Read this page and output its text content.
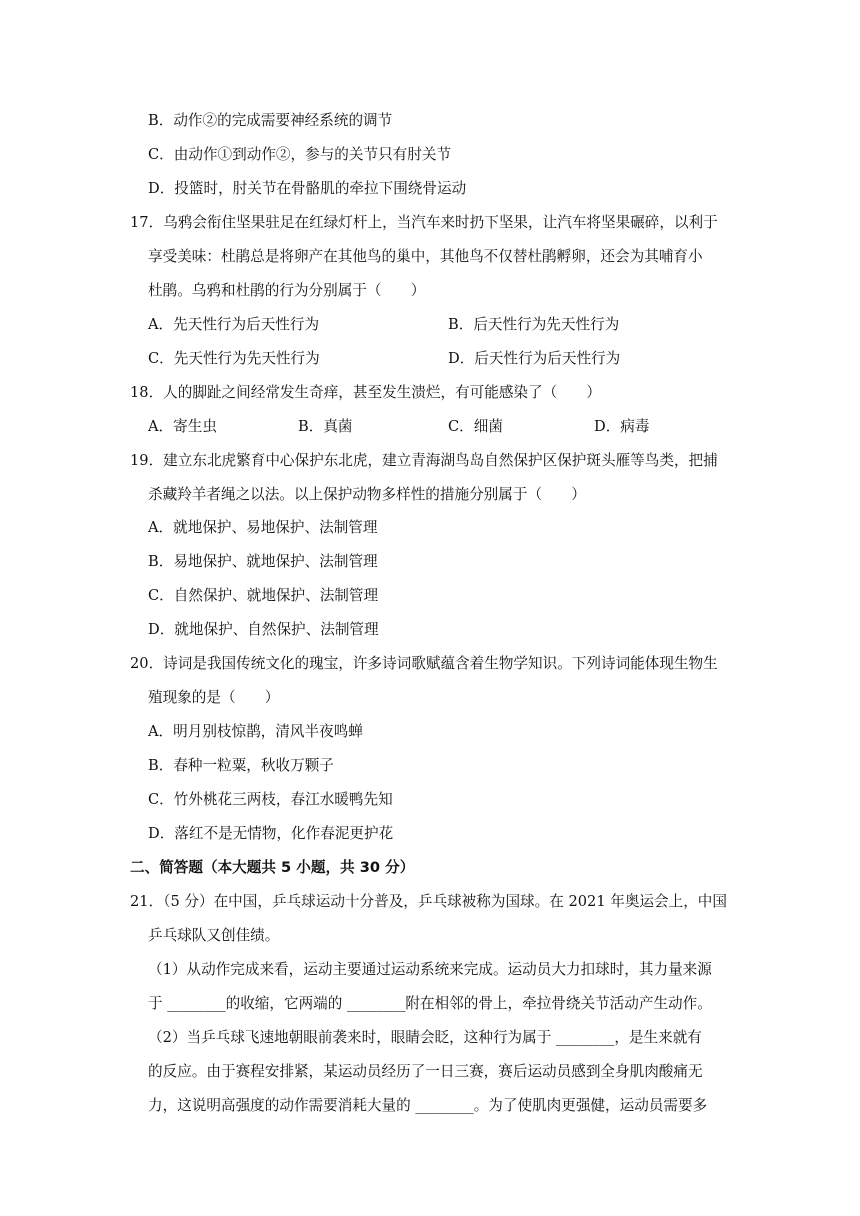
B．动作②的完成需要神经系统的调节
C．由动作①到动作②，参与的关节只有肘关节
D．投篮时，肘关节在骨骼肌的牵拉下围绕骨运动
17．乌鸦会衔住坚果驻足在红绿灯杆上，当汽车来时扔下坚果，让汽车将坚果碾碎，以利于
享受美味：杜鹃总是将卵产在其他鸟的巢中，其他鸟不仅替杜鹃孵卵，还会为其哺育小
杜鹃。乌鸦和杜鹃的行为分别属于（　　）
A．先天性行为后天性行为	B．后天性行为先天性行为
C．先天性行为先天性行为	D．后天性行为后天性行为
18．人的脚趾之间经常发生奇痒，甚至发生溃烂，有可能感染了（　　）
A．寄生虫	B．真菌	C．细菌	D．病毒
19．建立东北虎繁育中心保护东北虎，建立青海湖鸟岛自然保护区保护斑头雁等鸟类，把捕
杀藏羚羊者绳之以法。以上保护动物多样性的措施分别属于（　　）
A．就地保护、易地保护、法制管理
B．易地保护、就地保护、法制管理
C．自然保护、就地保护、法制管理
D．就地保护、自然保护、法制管理
20．诗词是我国传统文化的瑰宝，许多诗词歌赋蕴含着生物学知识。下列诗词能体现生物生
殖现象的是（　　）
A．明月别枝惊鹊，清风半夜鸣蝉
B．春种一粒粟，秋收万颗子
C．竹外桃花三两枝，春江水暖鸭先知
D．落红不是无情物，化作春泥更护花
二、简答题（本大题共 5 小题，共 30 分）
21．（5 分）在中国，乒乓球运动十分普及，乒乓球被称为国球。在 2021 年奥运会上，中国
乒乓球队又创佳绩。
（1）从动作完成来看，运动主要通过运动系统来完成。运动员大力扣球时，其力量来源
于 ________的收缩，它两端的 ________附在相邻的骨上，牵拉骨绕关节活动产生动作。
（2）当乒乓球飞速地朝眼前袭来时，眼睛会眨，这种行为属于 ________，是生来就有
的反应。由于赛程安排紧，某运动员经历了一日三赛，赛后运动员感到全身肌肉酸痛无
力，这说明高强度的动作需要消耗大量的 ________。为了使肌肉更强健，运动员需要多
